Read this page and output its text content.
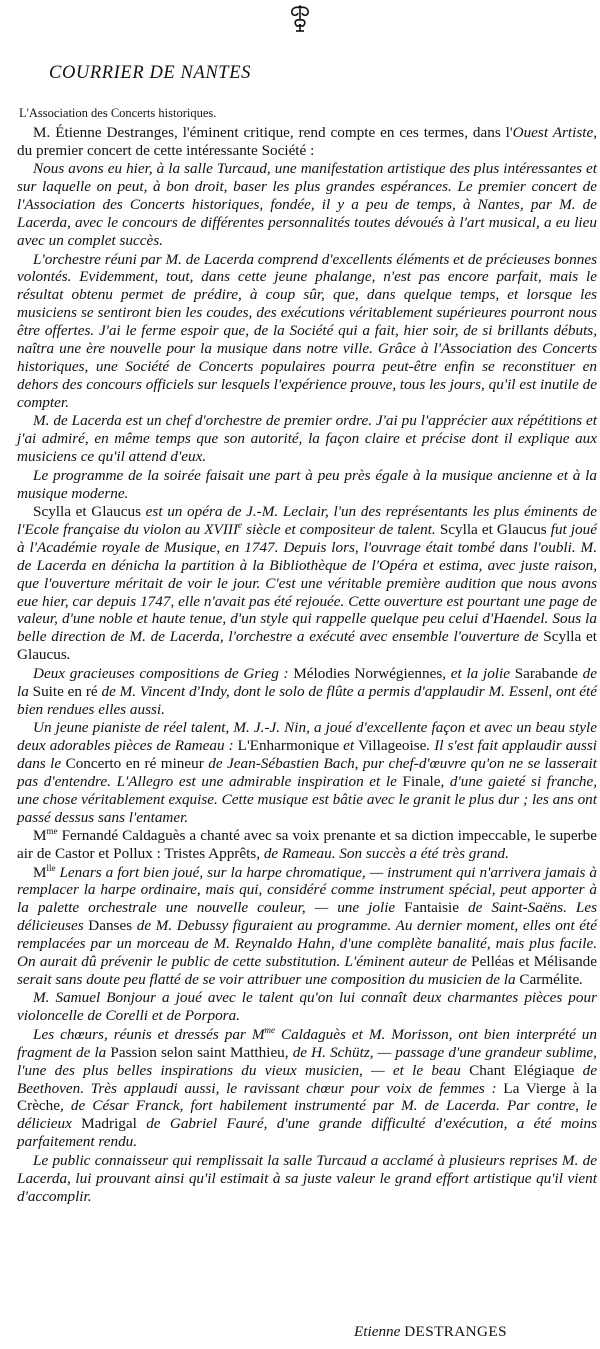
COURRIER DE NANTES
L'Association des Concerts historiques.

M. Étienne Destranges, l'éminent critique, rend compte en ces termes, dans l'Ouest Artiste, du premier concert de cette intéressante Société :

Nous avons eu hier, à la salle Turcaud, une manifestation artistique des plus intéressantes et sur laquelle on peut, à bon droit, baser les plus grandes espérances. Le premier concert de l'Association des Concerts historiques, fondée, il y a peu de temps, à Nantes, par M. de Lacerda, avec le concours de différentes personnalités toutes dévoués à l'art musical, a eu lieu avec un complet succès.

L'orchestre réuni par M. de Lacerda comprend d'excellents éléments et de précieuses bonnes volontés. Evidemment, tout, dans cette jeune phalange, n'est pas encore parfait, mais le résultat obtenu permet de prédire, à coup sûr, que, dans quelque temps, et lorsque les musiciens se sentiront bien les coudes, des exécutions véritablement supérieures pourront nous être offertes. J'ai le ferme espoir que, de la Société qui a fait, hier soir, de si brillants débuts, naîtra une ère nouvelle pour la musique dans notre ville. Grâce à l'Association des Concerts historiques, une Société de Concerts populaires pourra peut-être enfin se reconstituer en dehors des concours officiels sur lesquels l'expérience prouve, tous les jours, qu'il est inutile de compter.

M. de Lacerda est un chef d'orchestre de premier ordre. J'ai pu l'apprécier aux répétitions et j'ai admiré, en même temps que son autorité, la façon claire et précise dont il explique aux musiciens ce qu'il attend d'eux.

Le programme de la soirée faisait une part à peu près égale à la musique ancienne et à la musique moderne.

Scylla et Glaucus est un opéra de J.-M. Leclair, l'un des représentants les plus éminents de l'Ecole française du violon au XVIIIe siècle et compositeur de talent. Scylla et Glaucus fut joué à l'Académie royale de Musique, en 1747. Depuis lors, l'ouvrage était tombé dans l'oubli. M. de Lacerda en dénicha la partition à la Bibliothèque de l'Opéra et estima, avec juste raison, que l'ouverture méritait de voir le jour. C'est une véritable première audition que nous avons eue hier, car depuis 1747, elle n'avait pas été rejouée. Cette ouverture est pourtant une page de valeur, d'une noble et haute tenue, d'un style qui rappelle quelque peu celui d'Haendel. Sous la belle direction de M. de Lacerda, l'orchestre a exécuté avec ensemble l'ouverture de Scylla et Glaucus.

Deux gracieuses compositions de Grieg : Mélodies Norwégiennes, et la jolie Sarabande de la Suite en ré de M. Vincent d'Indy, dont le solo de flûte a permis d'applaudir M. Essenl, ont été bien rendues elles aussi.

Un jeune pianiste de réel talent, M. J.-J. Nin, a joué d'excellente façon et avec un beau style deux adorables pièces de Rameau : L'Enharmonique et Villageoise. Il s'est fait applaudir aussi dans le Concerto en ré mineur de Jean-Sébastien Bach, pur chef-d'œuvre qu'on ne se lasserait pas d'entendre. L'Allegro est une admirable inspiration et le Finale, d'une gaieté si franche, une chose véritablement exquise. Cette musique est bâtie avec le granit le plus dur ; les ans ont passé dessus sans l'entamer.

$M^{me}$ Fernandé Caldaguès a chanté avec sa voix prenante et sa diction impeccable, le superbe air de Castor et Pollux : Tristes Apprêts, de Rameau. Son succès a été très grand.

$M^{lle}$ Lenars a fort bien joué, sur la harpe chromatique, — instrument qui n'arrivera jamais à remplacer la harpe ordinaire, mais qui, considéré comme instrument spécial, peut apporter à la palette orchestrale une nouvelle couleur, — une jolie Fantaisie de Saint-Saëns. Les délicieuses Danses de M. Debussy figuraient au programme. Au dernier moment, elles ont été remplacées par un morceau de M. Reynaldo Hahn, d'une complète banalité, mais plus facile. On aurait dû prévenir le public de cette substitution. L'éminent auteur de Pelléas et Mélisande serait sans doute peu flatté de se voir attribuer une composition du musicien de la Carmélite.

M. Samuel Bonjour a joué avec le talent qu'on lui connaît deux charmantes pièces pour violoncelle de Corelli et de Porpora.

Les chœurs, réunis et dressés par $M^{me}$ Caldaguès et M. Morisson, ont bien interprété un fragment de la Passion selon saint Matthieu, de H. Schütz, — passage d'une grandeur sublime, l'une des plus belles inspirations du vieux musicien, — et le beau Chant Elégiaque de Beethoven. Très applaudi aussi, le ravissant chœur pour voix de femmes : La Vierge à la Crèche, de César Franck, fort habilement instrumenté par M. de Lacerda. Par contre, le délicieux Madrigal de Gabriel Fauré, d'une grande difficulté d'exécution, a été moins parfaitement rendu.

Le public connaisseur qui remplissait la salle Turcaud a acclamé à plusieurs reprises M. de Lacerda, lui prouvant ainsi qu'il estimait à sa juste valeur le grand effort artistique qu'il vient d'accomplir.

Etienne DESTRANGES
